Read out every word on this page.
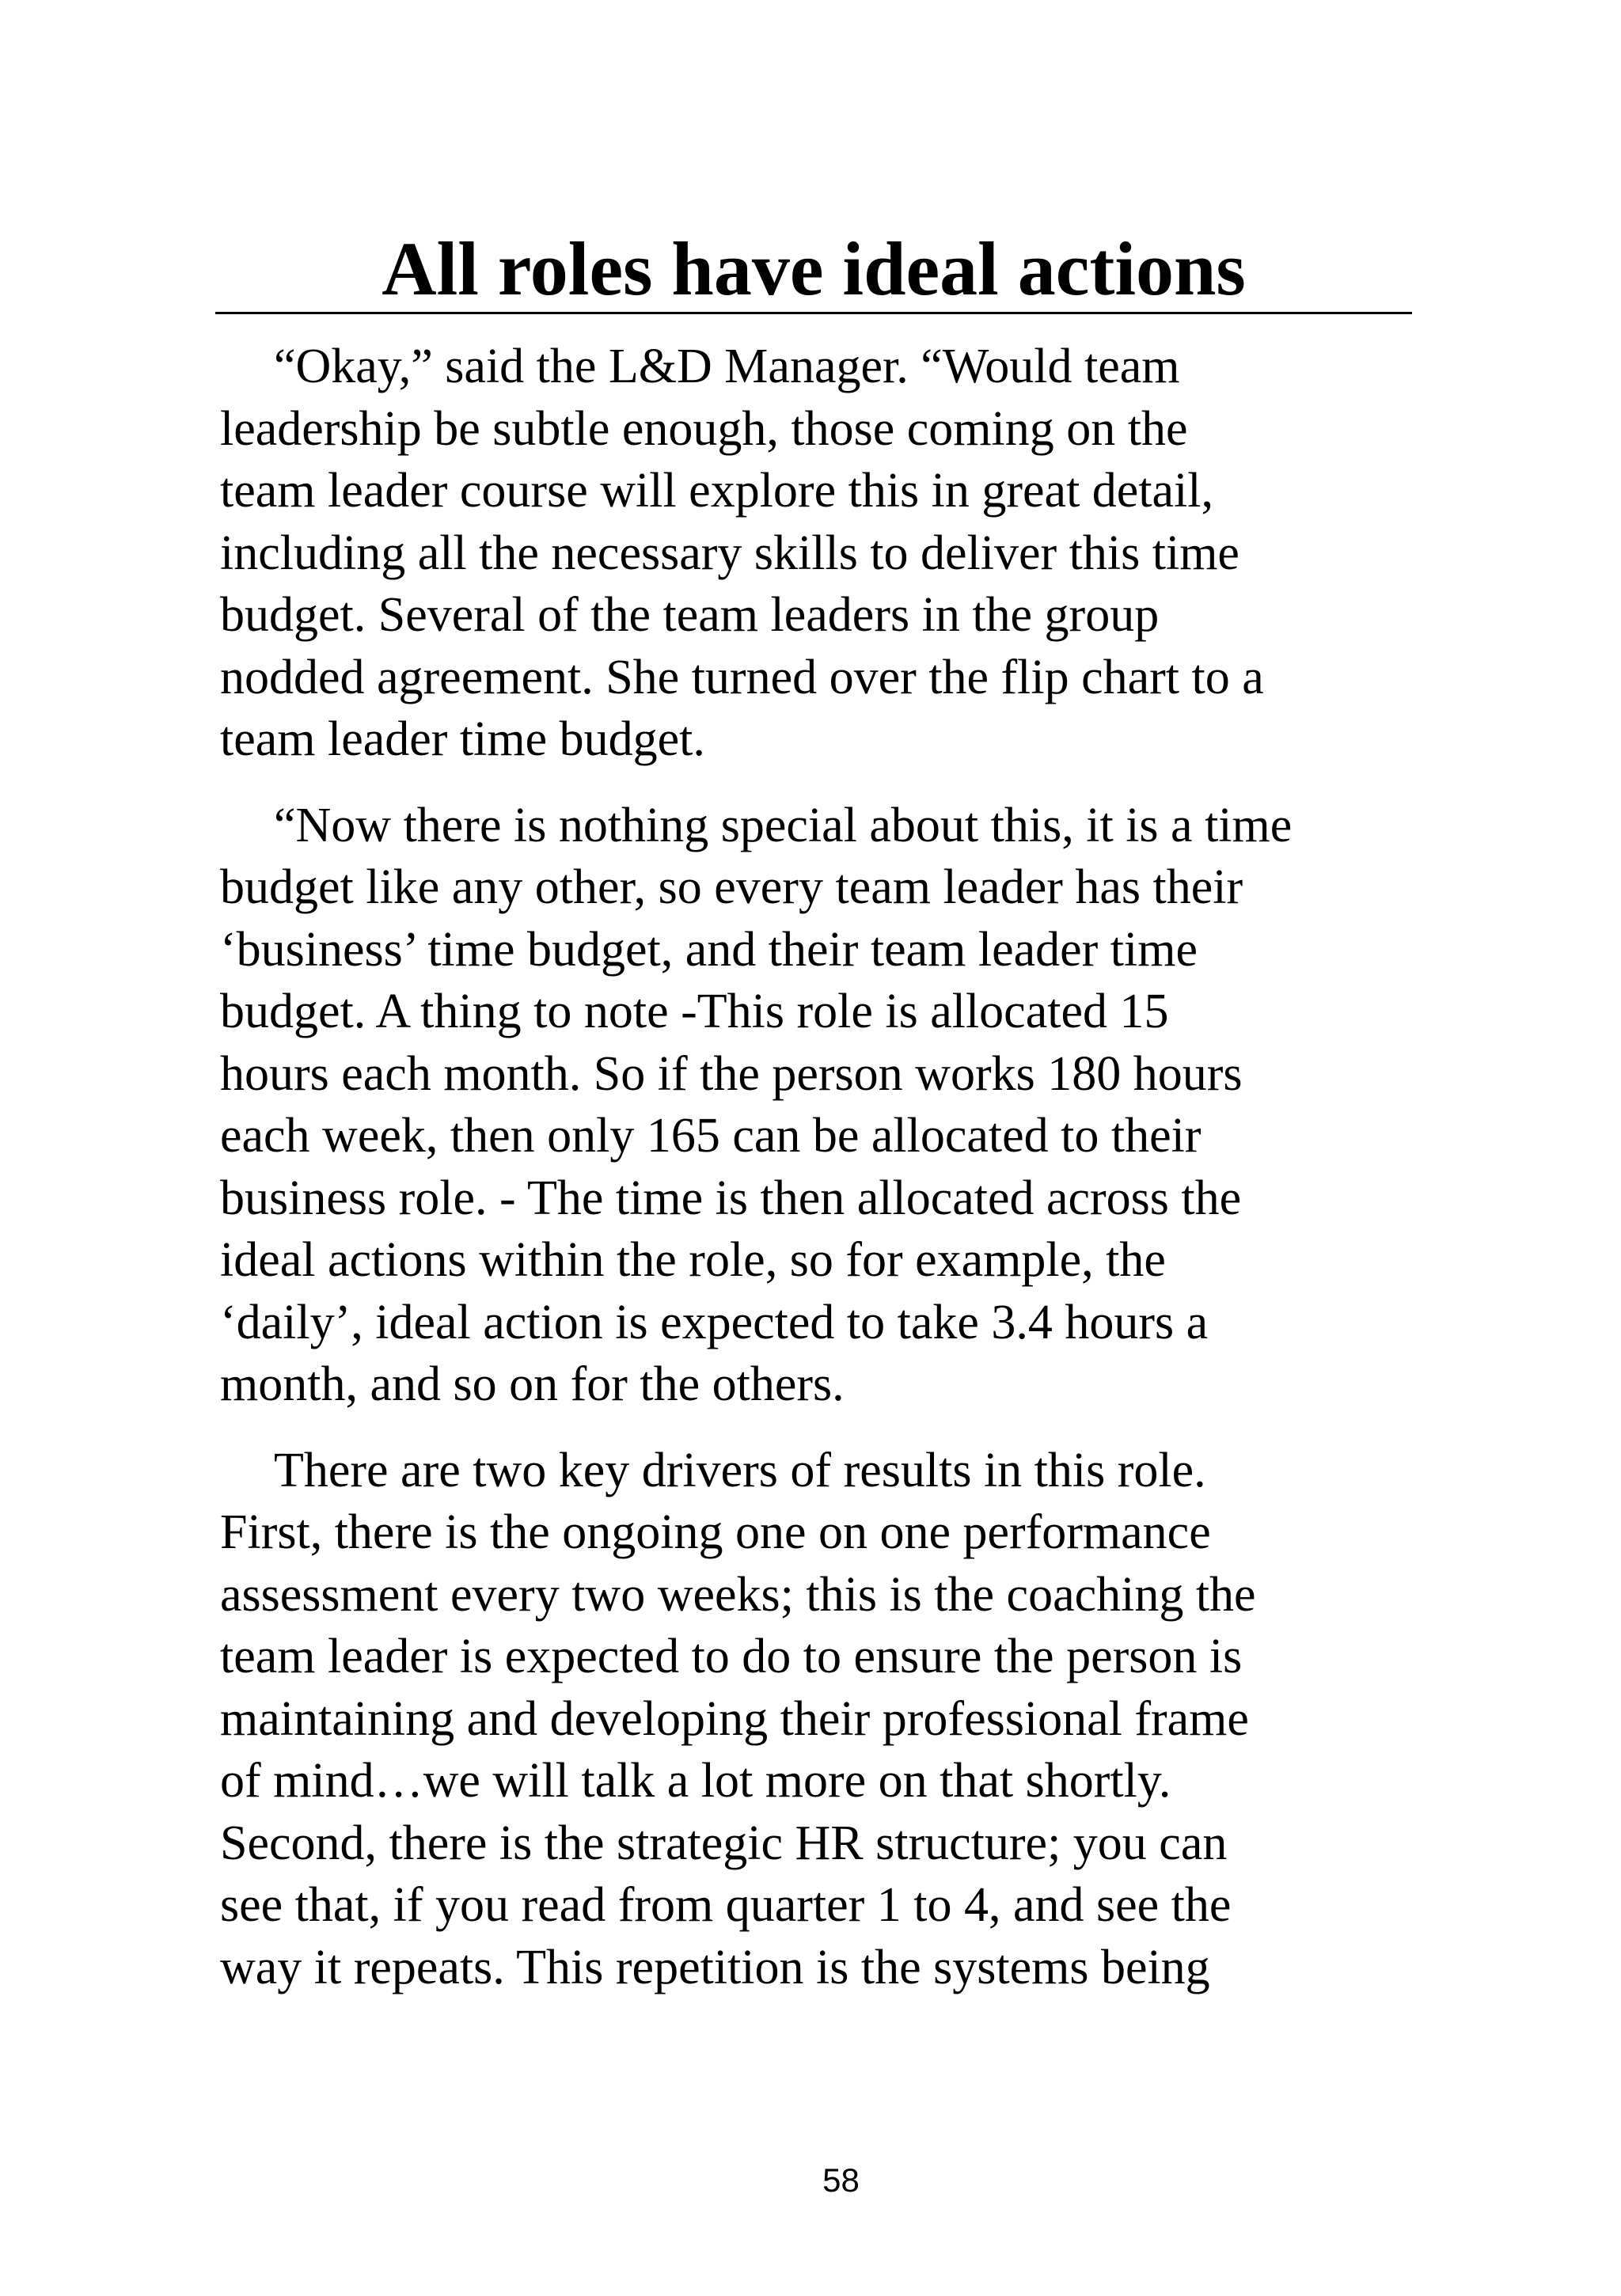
All roles have ideal actions

“Okay,” said the L&D Manager. “Would team
leadership be subtle enough, those coming on the
team leader course will explore this in great detail,
including all the necessary skills to deliver this time
budget. Several of the team leaders in the group
nodded agreement. She turned over the flip chart to a
team leader time budget.

“Now there is nothing special about this, it is a time
budget like any other, so every team leader has their
‘business’ time budget, and their team leader time
budget. A thing to note -This role is allocated 15
hours each month. So if the person works 180 hours
each week, then only 165 can be allocated to their
business role. - The time is then allocated across the
ideal actions within the role, so for example, the
‘daily’, ideal action is expected to take 3.4 hours a
month, and so on for the others.

There are two key drivers of results in this role.
First, there is the ongoing one on one performance
assessment every two weeks; this is the coaching the
team leader is expected to do to ensure the person is
maintaining and developing their professional frame
of mind…we will talk a lot more on that shortly.
Second, there is the strategic HR structure; you can
see that, if you read from quarter 1 to 4, and see the
way it repeats. This repetition is the systems being

58
